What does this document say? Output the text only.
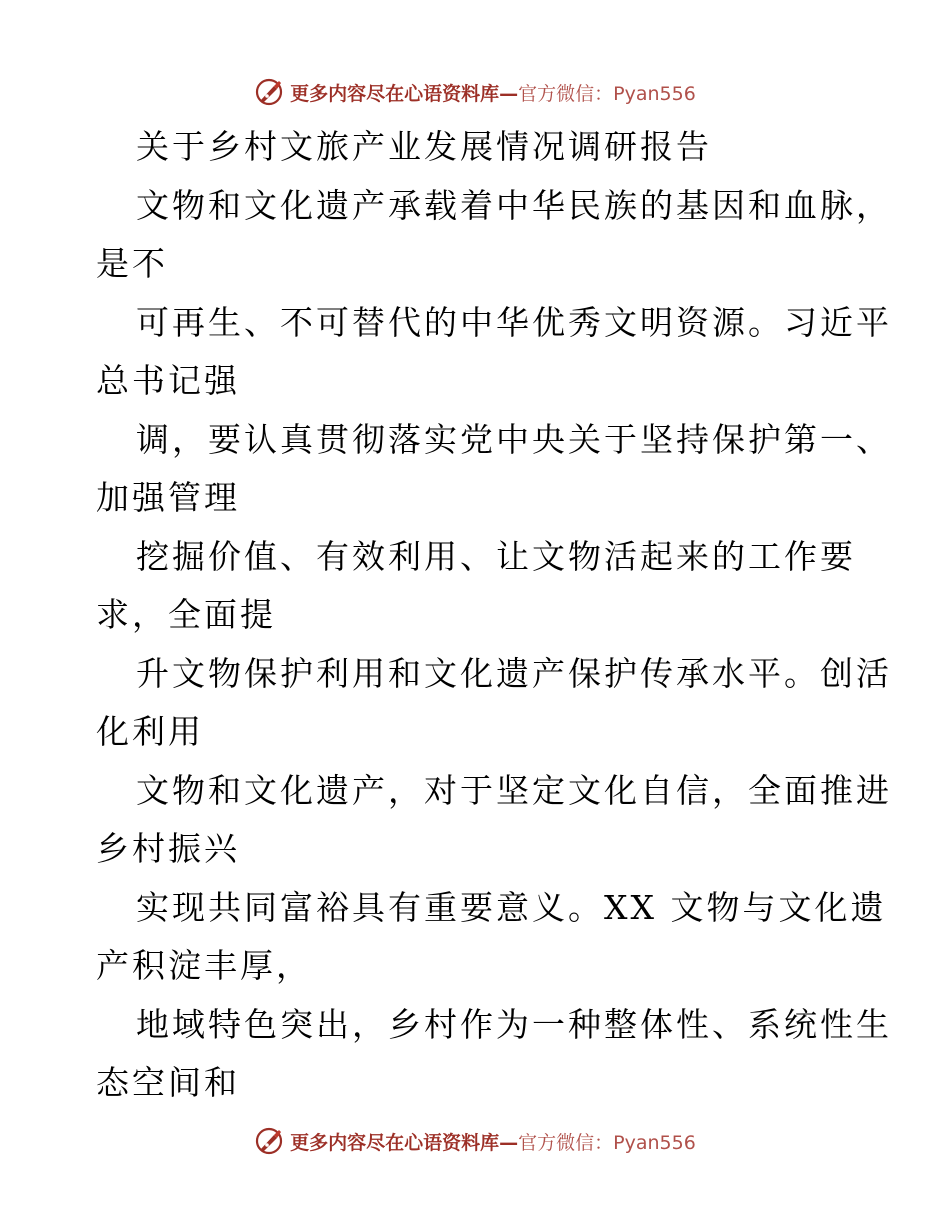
更多内容尽在心语资料库—官方微信：Pyan556
关于乡村文旅产业发展情况调研报告
文物和文化遗产承载着中华民族的基因和血脉，
是不
可再生、不可替代的中华优秀文明资源。习近平
总书记强
调，要认真贯彻落实党中央关于坚持保护第一、
加强管理
挖掘价值、有效利用、让文物活起来的工作要
求，全面提
升文物保护利用和文化遗产保护传承水平。创活
化利用
文物和文化遗产，对于坚定文化自信，全面推进
乡村振兴
实现共同富裕具有重要意义。XX 文物与文化遗
产积淀丰厚，
地域特色突出，乡村作为一种整体性、系统性生
态空间和
更多内容尽在心语资料库—官方微信：Pyan556
